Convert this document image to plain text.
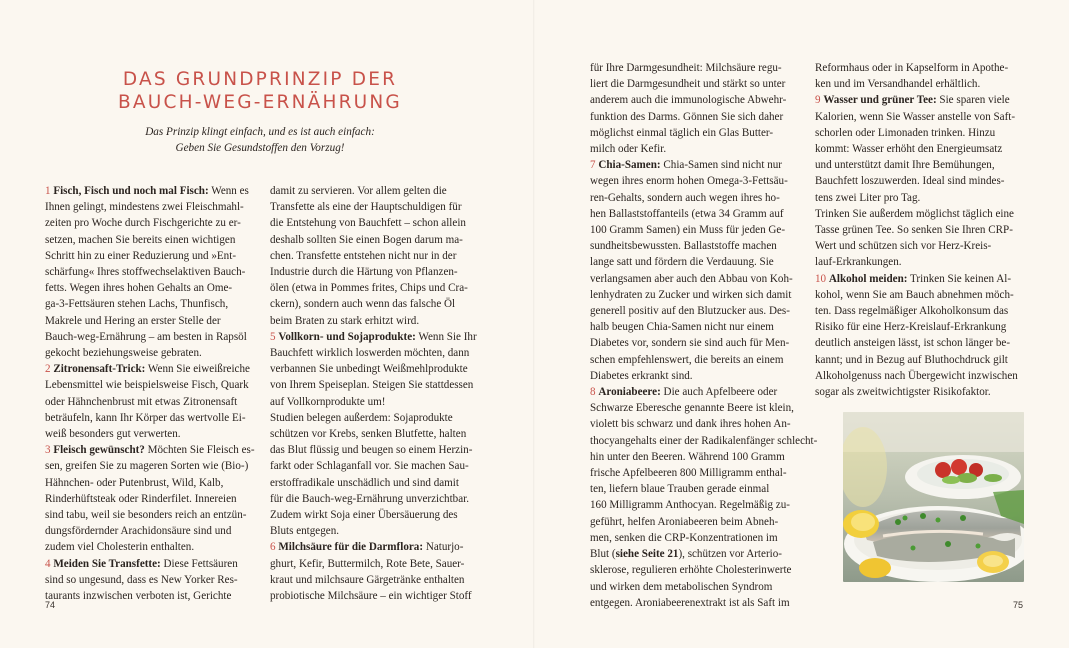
DAS GRUNDPRINZIP DER
BAUCH-WEG-ERNÄHRUNG
Das Prinzip klingt einfach, und es ist auch einfach:
Geben Sie Gesundstoffen den Vorzug!
74	75

1 Fisch, Fisch und noch mal Fisch: Wenn es

Ihnen gelingt, mindestens zwei Fleischmahl-

zeiten pro Woche durch Fischgerichte zu er-

setzen, machen Sie bereits einen wichtigen

Schritt hin zu einer Reduzierung und »Ent-

schärfung« Ihres stoffwechselaktiven Bauch-

fetts. Wegen ihres hohen Gehalts an Ome-

ga-3-Fettsäuren stehen Lachs, Thunfisch,

Makrele und Hering an erster Stelle der

Bauch-weg-Ernährung – am besten in Rapsöl

gekocht beziehungsweise gebraten.

2 Zitronensaft-Trick: Wenn Sie eiweißreiche

Lebensmittel wie beispielsweise Fisch, Quark

oder Hähnchenbrust mit etwas Zitronensaft

beträufeln, kann Ihr Körper das wertvolle Ei-

weiß besonders gut verwerten.

3 Fleisch gewünscht? Möchten Sie Fleisch es-

sen, greifen Sie zu mageren Sorten wie (Bio-)

Hähnchen- oder Putenbrust, Wild, Kalb,

Rinderhüftsteak oder Rinderfilet. Innereien

sind tabu, weil sie besonders reich an entzün-

dungsfördernder Arachidonsäure sind und

zudem viel Cholesterin enthalten.

4 Meiden Sie Transfette: Diese Fettsäuren

sind so ungesund, dass es New Yorker Res-

taurants inzwischen verboten ist, Gerichte

damit zu servieren. Vor allem gelten die

Transfette als eine der Hauptschuldigen für

die Entstehung von Bauchfett – schon allein

deshalb sollten Sie einen Bogen darum ma-

chen. Transfette entstehen nicht nur in der

Industrie durch die Härtung von Pflanzen-

ölen (etwa in Pommes frites, Chips und Cra-

ckern), sondern auch wenn das falsche Öl

beim Braten zu stark erhitzt wird.

5 Vollkorn- und Sojaprodukte: Wenn Sie Ihr

Bauchfett wirklich loswerden möchten, dann

verbannen Sie unbedingt Weißmehlprodukte

von Ihrem Speiseplan. Steigen Sie stattdessen

auf Vollkornprodukte um!

Studien belegen außerdem: Sojaprodukte

schützen vor Krebs, senken Blutfette, halten

das Blut flüssig und beugen so einem Herzin-

farkt oder Schlaganfall vor. Sie machen Sau-

erstoffradikale unschädlich und sind damit

für die Bauch-weg-Ernährung unverzichtbar.

Zudem wirkt Soja einer Übersäuerung des

Bluts entgegen.

6 Milchsäure für die Darmflora: Naturjo-

ghurt, Kefir, Buttermilch, Rote Bete, Sauer-

kraut und milchsaure Gärgetränke enthalten

probiotische Milchsäure – ein wichtiger Stoff

für Ihre Darmgesundheit: Milchsäure regu-

liert die Darmgesundheit und stärkt so unter

anderem auch die immunologische Abwehr-

funktion des Darms. Gönnen Sie sich daher

möglichst einmal täglich ein Glas Butter-

milch oder Kefir.

7 Chia-Samen: Chia-Samen sind nicht nur

wegen ihres enorm hohen Omega-3-Fettsäu-

ren-Gehalts, sondern auch wegen ihres ho-

hen Ballaststoffanteils (etwa 34 Gramm auf

100 Gramm Samen) ein Muss für jeden Ge-

sundheitsbewussten. Ballaststoffe machen

lange satt und fördern die Verdauung. Sie

verlangsamen aber auch den Abbau von Koh-

lenhydraten zu Zucker und wirken sich damit

generell positiv auf den Blutzucker aus. Des-

halb beugen Chia-Samen nicht nur einem

Diabetes vor, sondern sie sind auch für Men-

schen empfehlenswert, die bereits an einem

Diabetes erkrankt sind.

8 Aroniabeere: Die auch Apfelbeere oder

Schwarze Eberesche genannte Beere ist klein,

violett bis schwarz und dank ihres hohen An-

thocyangehalts einer der Radikalenfänger schlecht-

hin unter den Beeren. Während 100 Gramm

frische Apfelbeeren 800 Milligramm enthal-

ten, liefern blaue Trauben gerade einmal

160 Milligramm Anthocyan. Regelmäßig zu-

geführt, helfen Aroniabeeren beim Abneh-

men, senken die CRP-Konzentrationen im

Blut (siehe Seite 21), schützen vor Arterio-

sklerose, regulieren erhöhte Cholesterinwerte

und wirken dem metabolischen Syndrom

entgegen. Aroniabeerenextrakt ist als Saft im

Reformhaus oder in Kapselform in Apothe-

ken und im Versandhandel erhältlich.

9 Wasser und grüner Tee: Sie sparen viele

Kalorien, wenn Sie Wasser anstelle von Saft-

schorlen oder Limonaden trinken. Hinzu

kommt: Wasser erhöht den Energieumsatz

und unterstützt damit Ihre Bemühungen,

Bauchfett loszuwerden. Ideal sind mindes-

tens zwei Liter pro Tag.

Trinken Sie außerdem möglichst täglich eine

Tasse grünen Tee. So senken Sie Ihren CRP-

Wert und schützen sich vor Herz-Kreis-

lauf-Erkrankungen.

10 Alkohol meiden: Trinken Sie keinen Al-

kohol, wenn Sie am Bauch abnehmen möch-

ten. Dass regelmäßiger Alkoholkonsum das

Risiko für eine Herz-Kreislauf-Erkrankung

deutlich ansteigen lässt, ist schon länger be-

kannt; und in Bezug auf Bluthochdruck gilt

Alkoholgenuss nach Übergewicht inzwischen

sogar als zweitwichtigster Risikofaktor.
